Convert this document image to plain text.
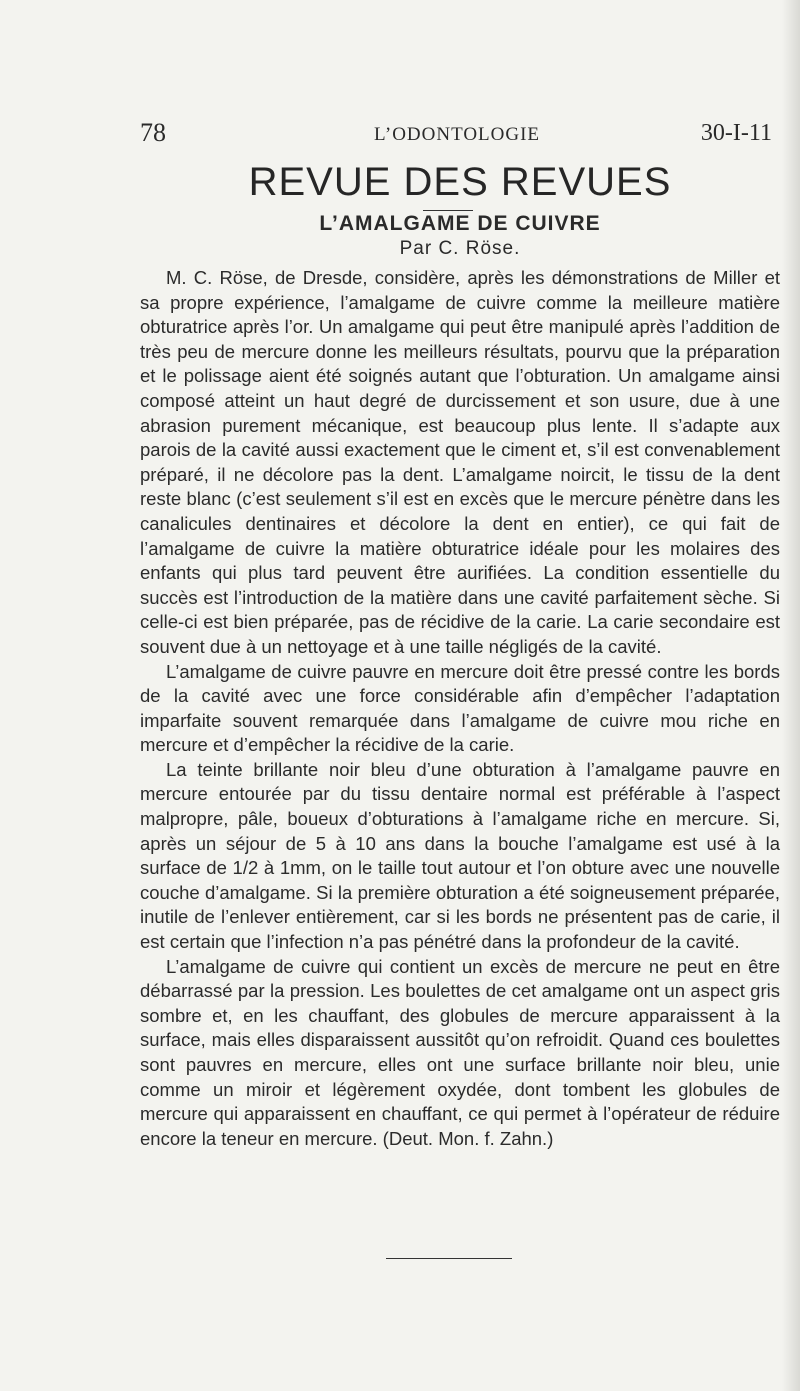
78	L’ODONTOLOGIE	30-I-11
REVUE DES REVUES
L’AMALGAME DE CUIVRE
Par C. Röse.

M. C. Röse, de Dresde, considère, après les démonstrations de Miller et sa propre expérience, l’amalgame de cuivre comme la meilleure matière obturatrice après l’or. Un amalgame qui peut être manipulé après l’addition de très peu de mercure donne les meilleurs résultats, pourvu que la préparation et le polissage aient été soignés autant que l’obturation. Un amalgame ainsi composé atteint un haut degré de durcissement et son usure, due à une abrasion purement mécanique, est beaucoup plus lente. Il s’adapte aux parois de la cavité aussi exactement que le ciment et, s’il est convenablement préparé, il ne décolore pas la dent. L’amalgame noircit, le tissu de la dent reste blanc (c’est seulement s’il est en excès que le mercure pénètre dans les canalicules dentinaires et décolore la dent en entier), ce qui fait de l’amalgame de cuivre la matière obturatrice idéale pour les molaires des enfants qui plus tard peuvent être aurifiées. La condition essentielle du succès est l’introduction de la matière dans une cavité parfaitement sèche. Si celle-ci est bien préparée, pas de récidive de la carie. La carie secondaire est souvent due à un nettoyage et à une taille négligés de la cavité.

L’amalgame de cuivre pauvre en mercure doit être pressé contre les bords de la cavité avec une force considérable afin d’empêcher l’adaptation imparfaite souvent remarquée dans l’amalgame de cuivre mou riche en mercure et d’empêcher la récidive de la carie.

La teinte brillante noir bleu d’une obturation à l’amalgame pauvre en mercure entourée par du tissu dentaire normal est préférable à l’aspect malpropre, pâle, boueux d’obturations à l’amalgame riche en mercure. Si, après un séjour de 5 à 10 ans dans la bouche l’amalgame est usé à la surface de 1/2 à 1mm, on le taille tout autour et l’on obture avec une nouvelle couche d’amalgame. Si la première obturation a été soigneusement préparée, inutile de l’enlever entièrement, car si les bords ne présentent pas de carie, il est certain que l’infection n’a pas pénétré dans la profondeur de la cavité.

L’amalgame de cuivre qui contient un excès de mercure ne peut en être débarrassé par la pression. Les boulettes de cet amalgame ont un aspect gris sombre et, en les chauffant, des globules de mercure apparaissent à la surface, mais elles disparaissent aussitôt qu’on refroidit. Quand ces boulettes sont pauvres en mercure, elles ont une surface brillante noir bleu, unie comme un miroir et légèrement oxydée, dont tombent les globules de mercure qui apparaissent en chauffant, ce qui permet à l’opérateur de réduire encore la teneur en mercure. (Deut. Mon. f. Zahn.)
